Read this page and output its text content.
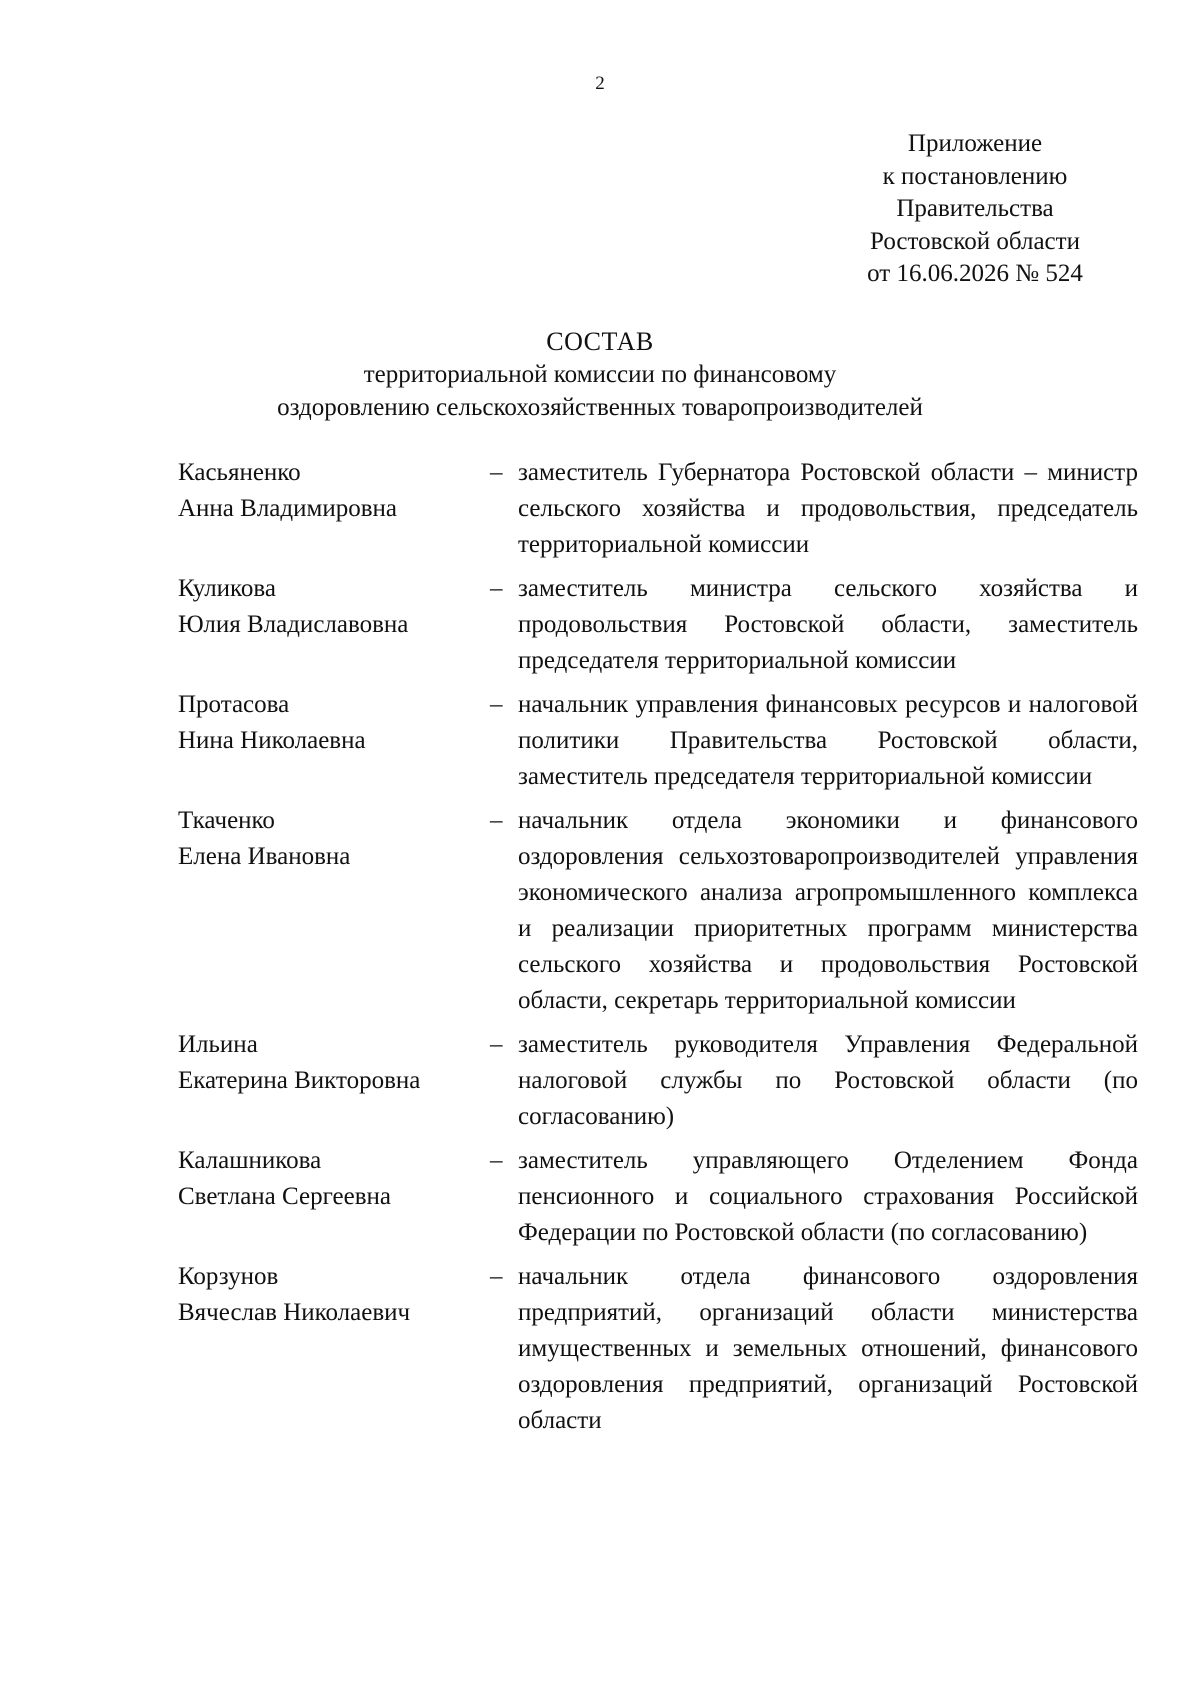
2
Приложение
к постановлению
Правительства
Ростовской области
от 16.06.2026 № 524
СОСТАВ
территориальной комиссии по финансовому
оздоровлению сельскохозяйственных товаропроизводителей
Касьяненко
Анна Владимировна
– заместитель Губернатора Ростовской области – министр сельского хозяйства и продовольствия, председатель территориальной комиссии
Куликова
Юлия Владиславовна
– заместитель министра сельского хозяйства и продовольствия Ростовской области, заместитель председателя территориальной комиссии
Протасова
Нина Николаевна
– начальник управления финансовых ресурсов и налоговой политики Правительства Ростовской области, заместитель председателя территориальной комиссии
Ткаченко
Елена Ивановна
– начальник отдела экономики и финансового оздоровления сельхозтоваропроизводителей управления экономического анализа агропромышленного комплекса и реализации приоритетных программ министерства сельского хозяйства и продовольствия Ростовской области, секретарь территориальной комиссии
Ильина
Екатерина Викторовна
– заместитель руководителя Управления Федеральной налоговой службы по Ростовской области (по согласованию)
Калашникова
Светлана Сергеевна
– заместитель управляющего Отделением Фонда пенсионного и социального страхования Российской Федерации по Ростовской области (по согласованию)
Корзунов
Вячеслав Николаевич
– начальник отдела финансового оздоровления предприятий, организаций области министерства имущественных и земельных отношений, финансового оздоровления предприятий, организаций Ростовской области
